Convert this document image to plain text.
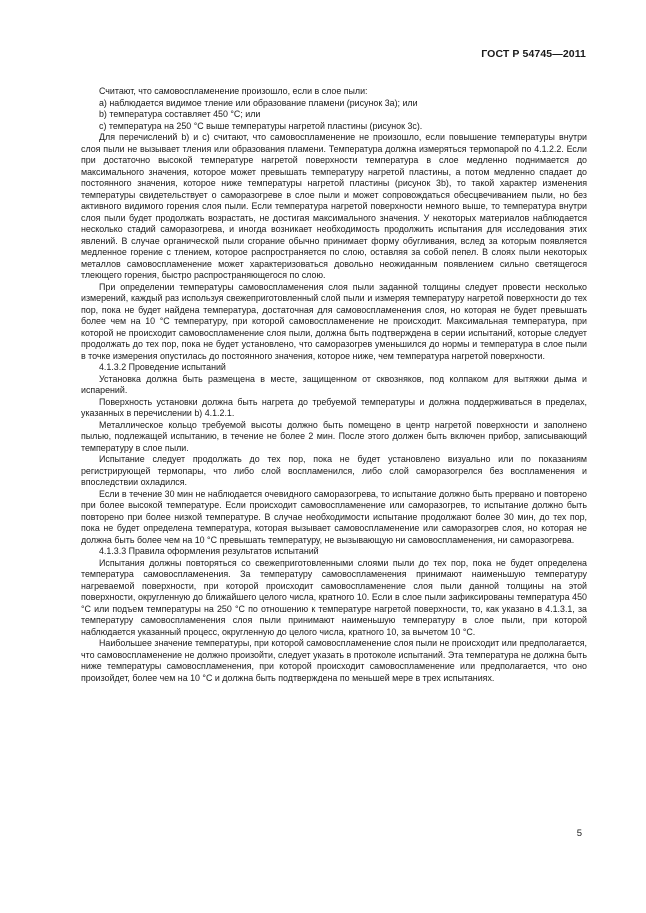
ГОСТ Р 54745—2011

Считают, что самовоспламенение произошло, если в слое пыли:

a) наблюдается видимое тление или образование пламени (рисунок 3a); или

b) температура составляет 450 °C; или

c) температура на 250 °C выше температуры нагретой пластины (рисунок 3c).

Для перечислений b) и c) считают, что самовоспламенение не произошло, если повышение температуры внутри слоя пыли не вызывает тления или образования пламени. Температура должна измеряться термопарой по 4.1.2.2. Если при достаточно высокой температуре нагретой поверхности температура в слое медленно поднимается до максимального значения, которое может превышать температуру нагретой пластины, а потом медленно спадает до постоянного значения, которое ниже температуры нагретой пластины (рисунок 3b), то такой характер изменения температуры свидетельствует о саморазогреве в слое пыли и может сопровождаться обесцвечиванием пыли, но без активного видимого горения слоя пыли. Если температура нагретой поверхности немного выше, то температура внутри слоя пыли будет продолжать возрастать, не достигая максимального значения. У некоторых материалов наблюдается несколько стадий саморазогрева, и иногда возникает необходимость продолжить испытания для исследования этих явлений. В случае органической пыли сгорание обычно принимает форму обугливания, вслед за которым появляется медленное горение с тлением, которое распространяется по слою, оставляя за собой пепел. В слоях пыли некоторых металлов самовоспламенение может характеризоваться довольно неожиданным появлением сильно светящегося тлеющего горения, быстро распространяющегося по слою.

При определении температуры самовоспламенения слоя пыли заданной толщины следует провести несколько измерений, каждый раз используя свежеприготовленный слой пыли и измеряя температуру нагретой поверхности до тех пор, пока не будет найдена температура, достаточная для самовоспламенения слоя, но которая не будет превышать более чем на 10 °C температуру, при которой самовоспламенение не происходит. Максимальная температура, при которой не происходит самовоспламенение слоя пыли, должна быть подтверждена в серии испытаний, которые следует продолжать до тех пор, пока не будет установлено, что саморазогрев уменьшился до нормы и температура в слое пыли в точке измерения опустилась до постоянного значения, которое ниже, чем температура нагретой поверхности.

4.1.3.2 Проведение испытаний

Установка должна быть размещена в месте, защищенном от сквозняков, под колпаком для вытяжки дыма и испарений.

Поверхность установки должна быть нагрета до требуемой температуры и должна поддерживаться в пределах, указанных в перечислении b) 4.1.2.1.

Металлическое кольцо требуемой высоты должно быть помещено в центр нагретой поверхности и заполнено пылью, подлежащей испытанию, в течение не более 2 мин. После этого должен быть включен прибор, записывающий температуру в слое пыли.

Испытание следует продолжать до тех пор, пока не будет установлено визуально или по показаниям регистрирующей термопары, что либо слой воспламенился, либо слой саморазогрелся без воспламенения и впоследствии охладился.

Если в течение 30 мин не наблюдается очевидного саморазогрева, то испытание должно быть прервано и повторено при более высокой температуре. Если происходит самовоспламенение или саморазогрев, то испытание должно быть повторено при более низкой температуре. В случае необходимости испытание продолжают более 30 мин, до тех пор, пока не будет определена температура, которая вызывает самовоспламенение или саморазогрев слоя, но которая не должна быть более чем на 10 °C превышать температуру, не вызывающую ни самовоспламенения, ни саморазогрева.

4.1.3.3 Правила оформления результатов испытаний

Испытания должны повторяться со свежеприготовленными слоями пыли до тех пор, пока не будет определена температура самовоспламенения. За температуру самовоспламенения принимают наименьшую температуру нагреваемой поверхности, при которой происходит самовоспламенение слоя пыли данной толщины на этой поверхности, округленную до ближайшего целого числа, кратного 10. Если в слое пыли зафиксированы температура 450 °C или подъем температуры на 250 °C по отношению к температуре нагретой поверхности, то, как указано в 4.1.3.1, за температуру самовоспламенения слоя пыли принимают наименьшую температуру в слое пыли, при которой наблюдается указанный процесс, округленную до целого числа, кратного 10, за вычетом 10 °C.

Наибольшее значение температуры, при которой самовоспламенение слоя пыли не происходит или предполагается, что самовоспламенение не должно произойти, следует указать в протоколе испытаний. Эта температура не должна быть ниже температуры самовоспламенения, при которой происходит самовоспламенение или предполагается, что оно произойдет, более чем на 10 °C и должна быть подтверждена по меньшей мере в трех испытаниях.

5
